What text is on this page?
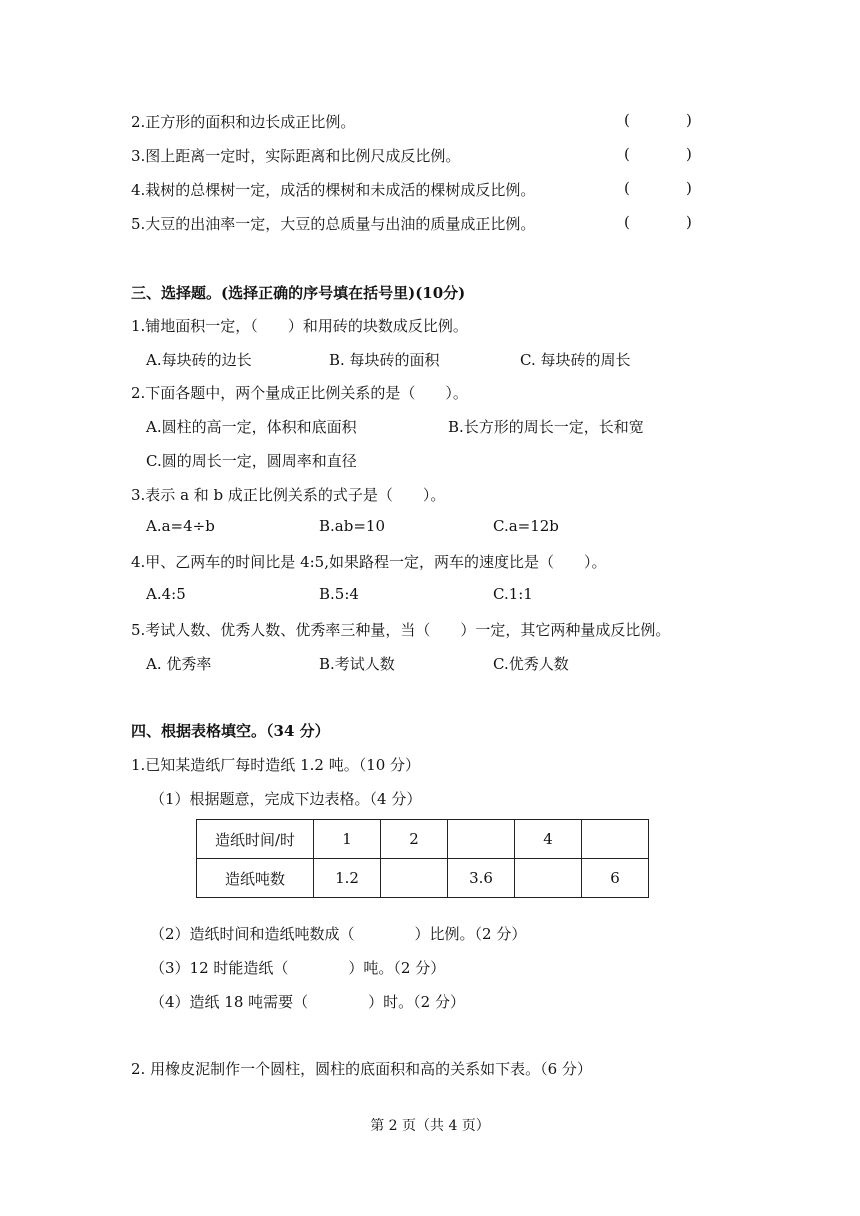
2.正方形的面积和边长成正比例。	(	)
3.图上距离一定时，实际距离和比例尺成反比例。	(	)
4.栽树的总棵树一定，成活的棵树和未成活的棵树成反比例。	(	)
5.大豆的出油率一定，大豆的总质量与出油的质量成正比例。	(	)
三、选择题。(选择正确的序号填在括号里)(10分)
1.铺地面积一定，（　　）和用砖的块数成反比例。
A.每块砖的边长	B. 每块砖的面积	C. 每块砖的周长
2.下面各题中，两个量成正比例关系的是（　　）。
A.圆柱的高一定，体积和底面积	B.长方形的周长一定，长和宽
C.圆的周长一定，圆周率和直径
3.表示 a 和 b 成正比例关系的式子是（　　）。
A.a=4÷b	B.ab=10	C.a=12b
4.甲、乙两车的时间比是 4:5,如果路程一定，两车的速度比是（　　）。
A.4:5	B.5:4	C.1:1
5.考试人数、优秀人数、优秀率三种量，当（　　）一定，其它两种量成反比例。
A. 优秀率	B.考试人数	C.优秀人数
四、根据表格填空。（34 分）
1.已知某造纸厂每时造纸 1.2 吨。（10 分）
（1）根据题意，完成下边表格。（4 分）
造纸时间/时	1	2		4	
造纸吨数	1.2		3.6		6
（2）造纸时间和造纸吨数成（　　　　）比例。（2 分）
（3）12 时能造纸（　　　　）吨。（2 分）
（4）造纸 18 吨需要（　　　　）时。（2 分）
2. 用橡皮泥制作一个圆柱，圆柱的底面积和高的关系如下表。（6 分）
第 2 页（共 4 页）
